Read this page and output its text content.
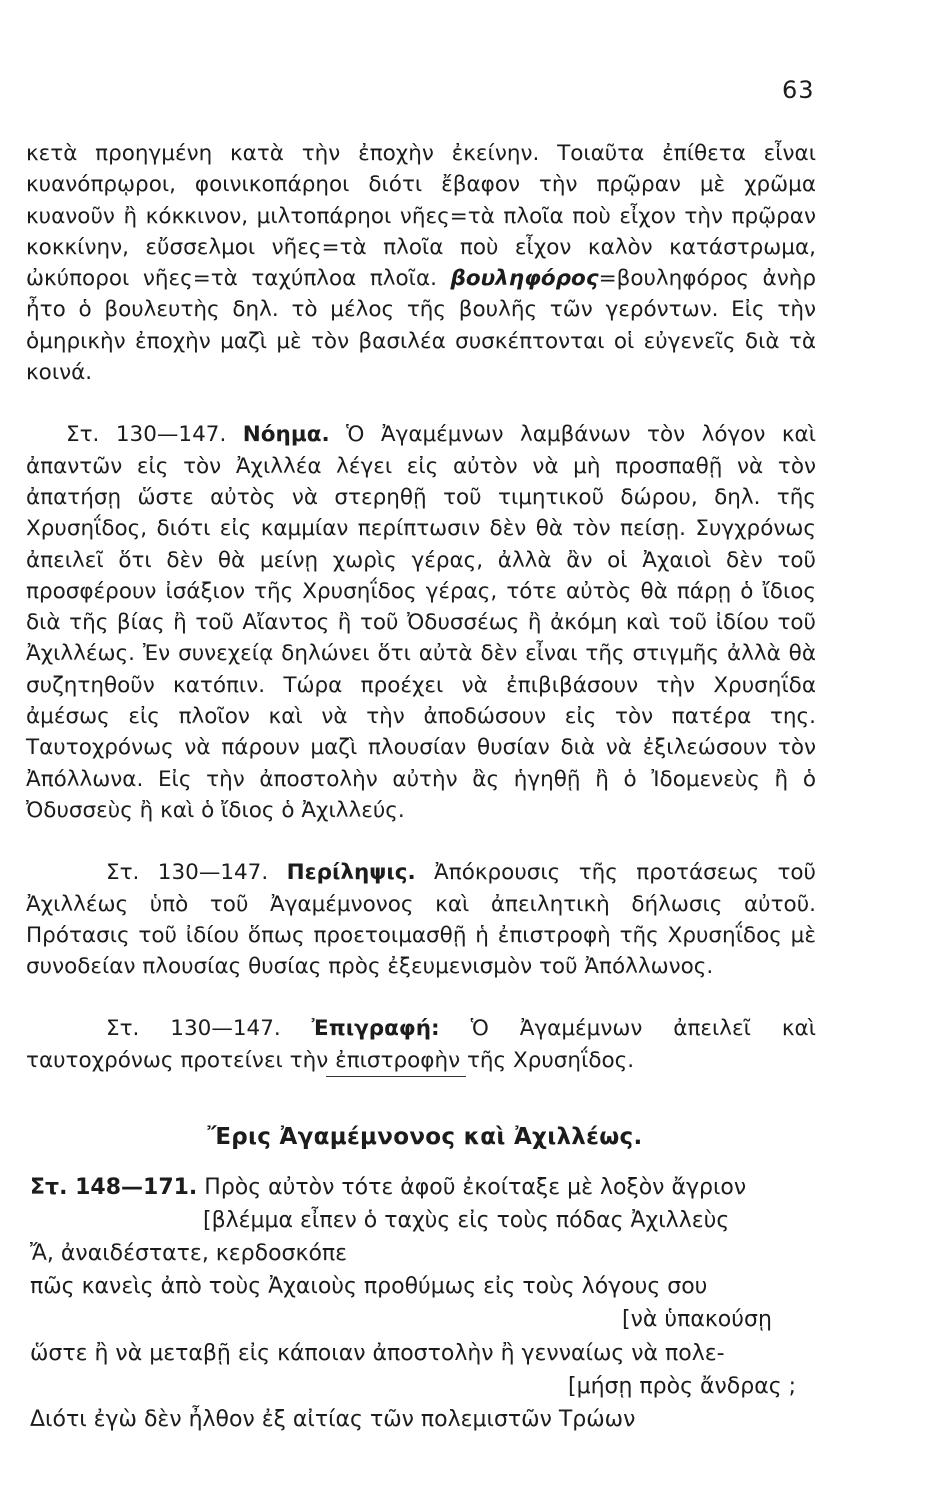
63

κετὰ προηγμένη κατὰ τὴν ἐποχὴν ἐκείνην. Τοιαῦτα ἐπίθετα εἶναι κυανόπρῳροι, φοινικοπάρηοι διότι ἔβαφον τὴν πρῷραν μὲ χρῶμα κυανοῦν ἢ κόκκινον, μιλτοπάρηοι νῆες=τὰ πλοῖα ποὺ εἶχον τὴν πρῷραν κοκκίνην, εὔσσελμοι νῆες=τὰ πλοῖα ποὺ εἶχον καλὸν κατάστρωμα, ὠκύποροι νῆες=τὰ ταχύπλοα πλοῖα. βουληφόρος=βουληφόρος ἀνὴρ ἦτο ὁ βουλευτὴς δηλ. τὸ μέλος τῆς βουλῆς τῶν γερόντων. Εἰς τὴν ὁμηρικὴν ἐποχὴν μαζὶ μὲ τὸν βασιλέα συσκέπτονται οἱ εὐγενεῖς διὰ τὰ κοινά.

Στ. 130—147. Νόημα. Ὁ Ἀγαμέμνων λαμβάνων τὸν λόγον καὶ ἀπαντῶν εἰς τὸν Ἀχιλλέα λέγει εἰς αὐτὸν νὰ μὴ προσπαθῇ νὰ τὸν ἀπατήσῃ ὥστε αὐτὸς νὰ στερηθῇ τοῦ τιμητικοῦ δώρου, δηλ. τῆς Χρυσηΐδος, διότι εἰς καμμίαν περίπτωσιν δὲν θὰ τὸν πείσῃ. Συγχρόνως ἀπειλεῖ ὅτι δὲν θὰ μείνῃ χωρὶς γέρας, ἀλλὰ ἂν οἱ Ἀχαιοὶ δὲν τοῦ προσφέρουν ἰσάξιον τῆς Χρυσηΐδος γέρας, τότε αὐτὸς θὰ πάρῃ ὁ ἴδιος διὰ τῆς βίας ἢ τοῦ Αἴαντος ἢ τοῦ Ὀδυσσέως ἢ ἀκόμη καὶ τοῦ ἰδίου τοῦ Ἀχιλλέως. Ἐν συνεχείᾳ δηλώνει ὅτι αὐτὰ δὲν εἶναι τῆς στιγμῆς ἀλλὰ θὰ συζητηθοῦν κατόπιν. Τώρα προέχει νὰ ἐπιβιβάσουν τὴν Χρυσηΐδα ἀμέσως εἰς πλοῖον καὶ νὰ τὴν ἀποδώσουν εἰς τὸν πατέρα της. Ταυτοχρόνως νὰ πάρουν μαζὶ πλουσίαν θυσίαν διὰ νὰ ἐξιλεώσουν τὸν Ἀπόλλωνα. Εἰς τὴν ἀποστολὴν αὐτὴν ἂς ἡγηθῇ ἢ ὁ Ἰδομενεὺς ἢ ὁ Ὀδυσσεὺς ἢ καὶ ὁ ἴδιος ὁ Ἀχιλλεύς.

Στ. 130—147. Περίληψις. Ἀπόκρουσις τῆς προτάσεως τοῦ Ἀχιλλέως ὑπὸ τοῦ Ἀγαμέμνονος καὶ ἀπειλητικὴ δήλωσις αὐτοῦ. Πρότασις τοῦ ἰδίου ὅπως προετοιμασθῇ ἡ ἐπιστροφὴ τῆς Χρυσηΐδος μὲ συνοδείαν πλουσίας θυσίας πρὸς ἐξευμενισμὸν τοῦ Ἀπόλλωνος.

Στ. 130—147. Ἐπιγραφή: Ὁ Ἀγαμέμνων ἀπειλεῖ καὶ ταυτοχρόνως προτείνει τὴν ἐπιστροφὴν τῆς Χρυσηΐδος.

Ἔρις Ἀγαμέμνονος καὶ Ἀχιλλέως.
Στ. 148—171. Πρὸς αὐτὸν τότε ἀφοῦ ἐκοίταξε μὲ λοξὸν ἄγριον
[βλέμμα εἶπεν ὁ ταχὺς εἰς τοὺς πόδας Ἀχιλλεὺς
Ἄ, ἀναιδέστατε, κερδοσκόπε
πῶς κανεὶς ἀπὸ τοὺς Ἀχαιοὺς προθύμως εἰς τοὺς λόγους σου
[νὰ ὑπακούσῃ
ὥστε ἢ νὰ μεταβῇ εἰς κάποιαν ἀποστολὴν ἢ γενναίως νὰ πολε-
[μήσῃ πρὸς ἄνδρας ;
Διότι ἐγὼ δὲν ἦλθον ἐξ αἰτίας τῶν πολεμιστῶν Τρώων
